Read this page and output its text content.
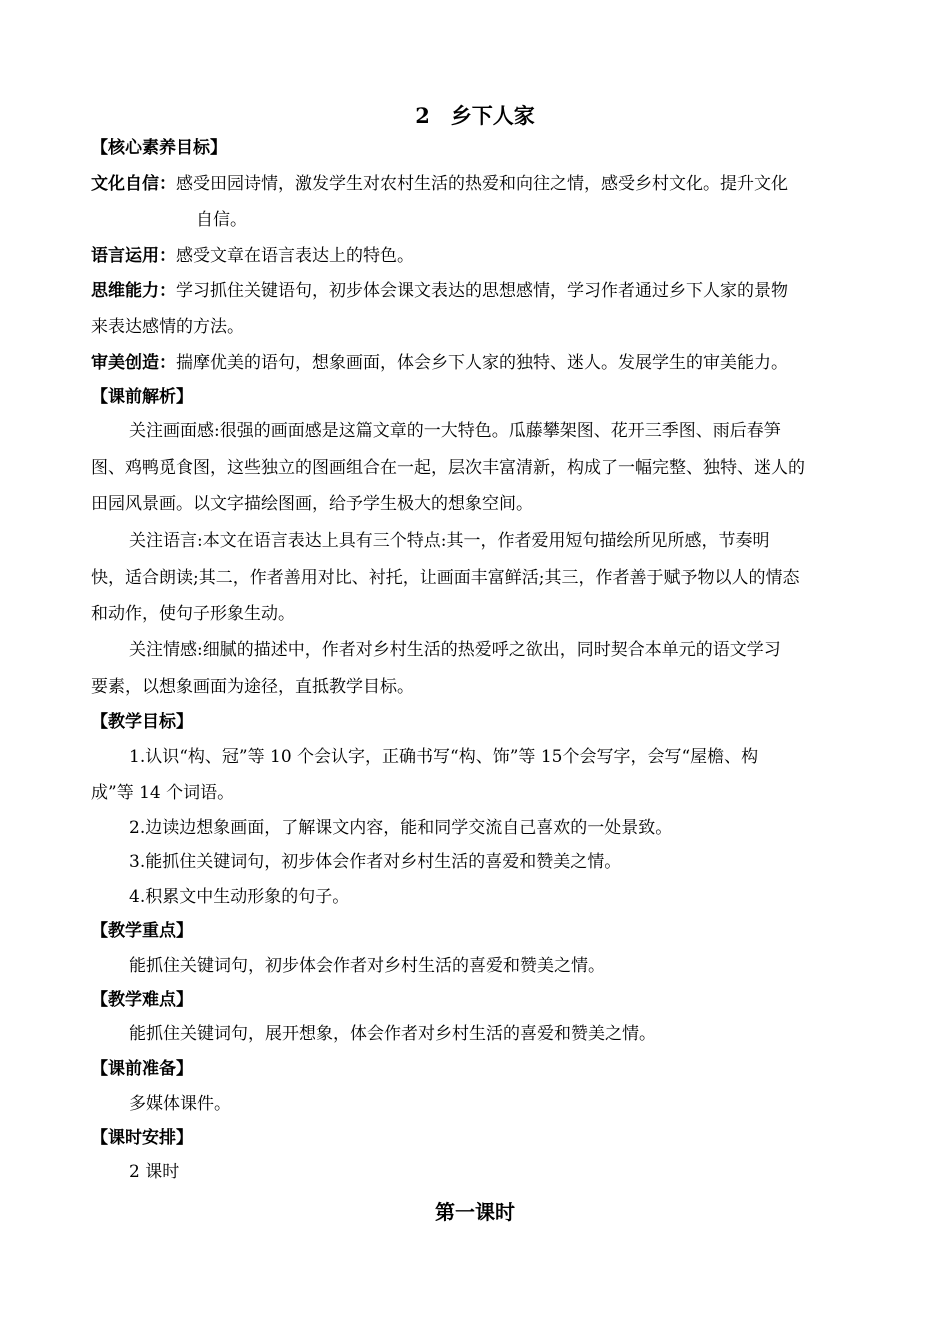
2　乡下人家
【核心素养目标】
文化自信：感受田园诗情，激发学生对农村生活的热爱和向往之情，感受乡村文化。提升文化
自信。
语言运用：感受文章在语言表达上的特色。
思维能力：学习抓住关键语句，初步体会课文表达的思想感情，学习作者通过乡下人家的景物
来表达感情的方法。
审美创造：揣摩优美的语句，想象画面，体会乡下人家的独特、迷人。发展学生的审美能力。
【课前解析】
关注画面感:很强的画面感是这篇文章的一大特色。瓜藤攀架图、花开三季图、雨后春笋
图、鸡鸭觅食图，这些独立的图画组合在一起，层次丰富清新，构成了一幅完整、独特、迷人的
田园风景画。以文字描绘图画，给予学生极大的想象空间。
关注语言:本文在语言表达上具有三个特点:其一，作者爱用短句描绘所见所感，节奏明
快，适合朗读;其二，作者善用对比、衬托，让画面丰富鲜活;其三，作者善于赋予物以人的情态
和动作，使句子形象生动。
关注情感:细腻的描述中，作者对乡村生活的热爱呼之欲出，同时契合本单元的语文学习
要素，以想象画面为途径，直抵教学目标。
【教学目标】
1.认识“构、冠”等 10 个会认字，正确书写“构、饰”等 15个会写字，会写“屋檐、构
成”等 14 个词语。
2.边读边想象画面，了解课文内容，能和同学交流自己喜欢的一处景致。
3.能抓住关键词句，初步体会作者对乡村生活的喜爱和赞美之情。
4.积累文中生动形象的句子。
【教学重点】
能抓住关键词句，初步体会作者对乡村生活的喜爱和赞美之情。
【教学难点】
能抓住关键词句，展开想象，体会作者对乡村生活的喜爱和赞美之情。
【课前准备】
多媒体课件。
【课时安排】
2 课时
第一课时
